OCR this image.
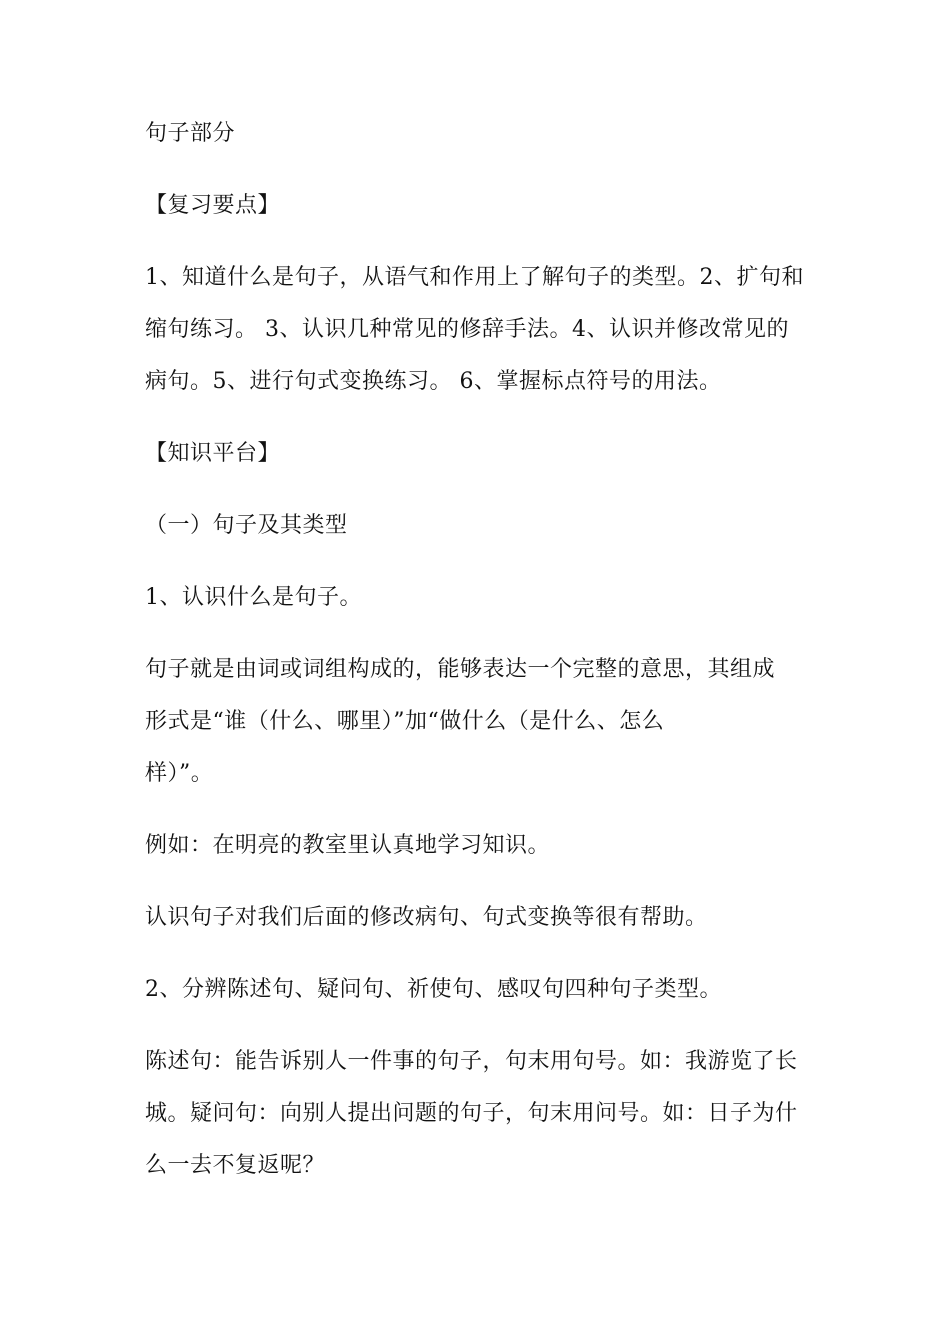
句子部分

【复习要点】

1、知道什么是句子，从语气和作用上了解句子的类型。2、扩句和缩句练习。 3、认识几种常见的修辞手法。4、认识并修改常见的病句。5、进行句式变换练习。 6、掌握标点符号的用法。

【知识平台】

（一）句子及其类型

1、认识什么是句子。

句子就是由词或词组构成的，能够表达一个完整的意思，其组成

形式是“谁（什么、哪里）”加“做什么（是什么、怎么

样）”。

例如：在明亮的教室里认真地学习知识。

认识句子对我们后面的修改病句、句式变换等很有帮助。

2、分辨陈述句、疑问句、祈使句、感叹句四种句子类型。

陈述句：能告诉别人一件事的句子，句末用句号。如：我游览了长城。疑问句：向别人提出问题的句子，句末用问号。如：日子为什么一去不复返呢？
